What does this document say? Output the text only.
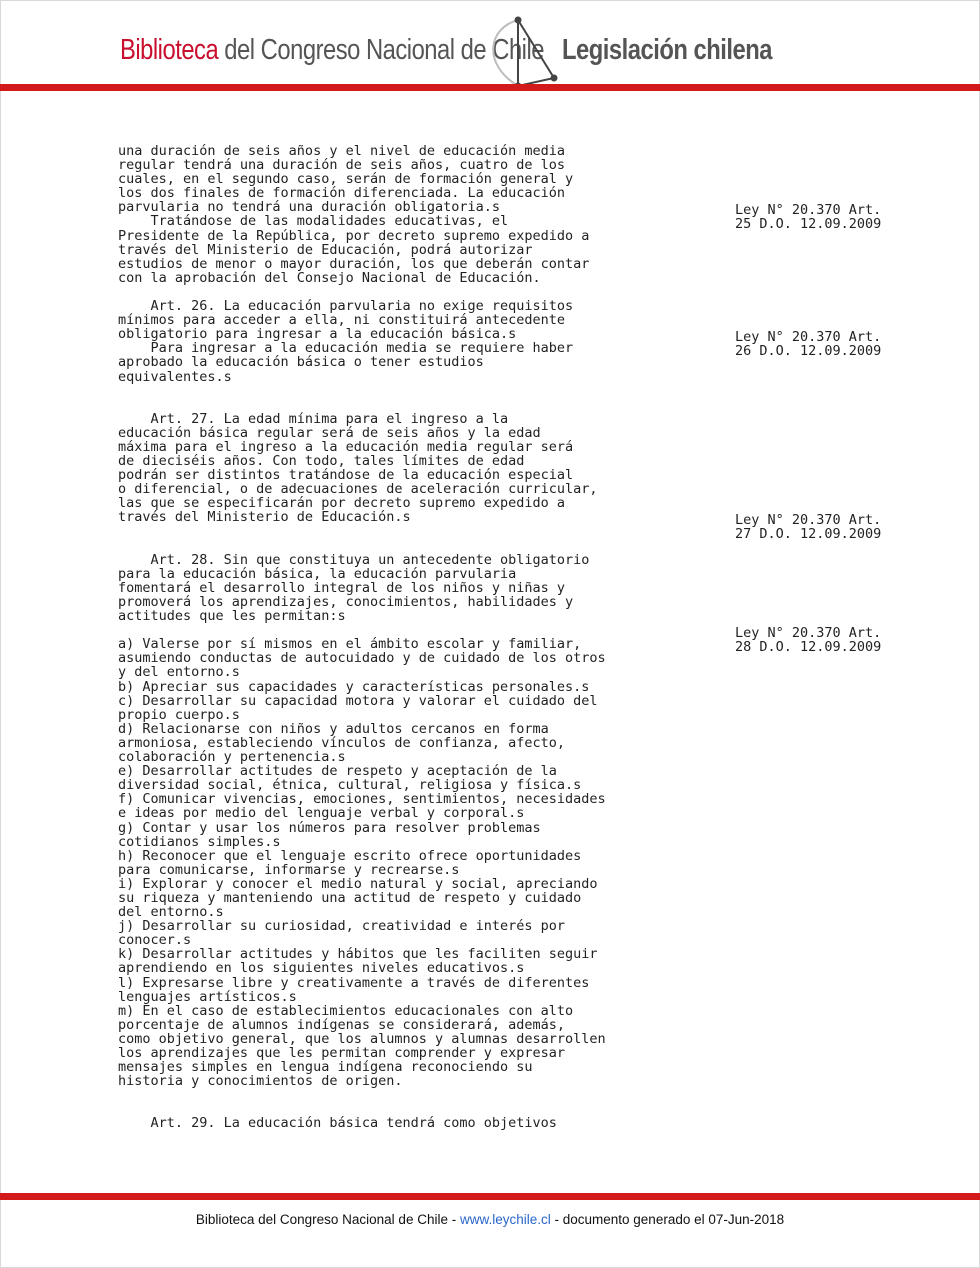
Biblioteca del Congreso Nacional de Chile Legislación chilena
una duración de seis años y el nivel de educación media
regular tendrá una duración de seis años, cuatro de los
cuales, en el segundo caso, serán de formación general y
los dos finales de formación diferenciada. La educación
parvularia no tendrá una duración obligatoria.s
Tratándose de las modalidades educativas, el
Presidente de la República, por decreto supremo expedido a
través del Ministerio de Educación, podrá autorizar
estudios de menor o mayor duración, los que deberán contar
con la aprobación del Consejo Nacional de Educación.
Art. 26. La educación parvularia no exige requisitos
mínimos para acceder a ella, ni constituirá antecedente
obligatorio para ingresar a la educación básica.s
Para ingresar a la educación media se requiere haber
aprobado la educación básica o tener estudios
equivalentes.s
Art. 27. La edad mínima para el ingreso a la
educación básica regular será de seis años y la edad
máxima para el ingreso a la educación media regular será
de dieciséis años. Con todo, tales límites de edad
podrán ser distintos tratándose de la educación especial
o diferencial, o de adecuaciones de aceleración curricular,
las que se especificarán por decreto supremo expedido a
través del Ministerio de Educación.s
Art. 28. Sin que constituya un antecedente obligatorio
para la educación básica, la educación parvularia
fomentará el desarrollo integral de los niños y niñas y
promoverá los aprendizajes, conocimientos, habilidades y
actitudes que les permitan:s
a) Valerse por sí mismos en el ámbito escolar y familiar,
asumiendo conductas de autocuidado y de cuidado de los otros
y del entorno.s
b) Apreciar sus capacidades y características personales.s
c) Desarrollar su capacidad motora y valorar el cuidado del
propio cuerpo.s
d) Relacionarse con niños y adultos cercanos en forma
armoniosa, estableciendo vínculos de confianza, afecto,
colaboración y pertenencia.s
e) Desarrollar actitudes de respeto y aceptación de la
diversidad social, étnica, cultural, religiosa y física.s
f) Comunicar vivencias, emociones, sentimientos, necesidades
e ideas por medio del lenguaje verbal y corporal.s
g) Contar y usar los números para resolver problemas
cotidianos simples.s
h) Reconocer que el lenguaje escrito ofrece oportunidades
para comunicarse, informarse y recrearse.s
i) Explorar y conocer el medio natural y social, apreciando
su riqueza y manteniendo una actitud de respeto y cuidado
del entorno.s
j) Desarrollar su curiosidad, creatividad e interés por
conocer.s
k) Desarrollar actitudes y hábitos que les faciliten seguir
aprendiendo en los siguientes niveles educativos.s
l) Expresarse libre y creativamente a través de diferentes
lenguajes artísticos.s
m) En el caso de establecimientos educacionales con alto
porcentaje de alumnos indígenas se considerará, además,
como objetivo general, que los alumnos y alumnas desarrollen
los aprendizajes que les permitan comprender y expresar
mensajes simples en lengua indígena reconociendo su
historia y conocimientos de origen.
Art. 29. La educación básica tendrá como objetivos
Ley N° 20.370 Art.
25 D.O. 12.09.2009
Ley N° 20.370 Art.
26 D.O. 12.09.2009
Ley N° 20.370 Art.
27 D.O. 12.09.2009
Ley N° 20.370 Art.
28 D.O. 12.09.2009
Biblioteca del Congreso Nacional de Chile - www.leychile.cl - documento generado el 07-Jun-2018
